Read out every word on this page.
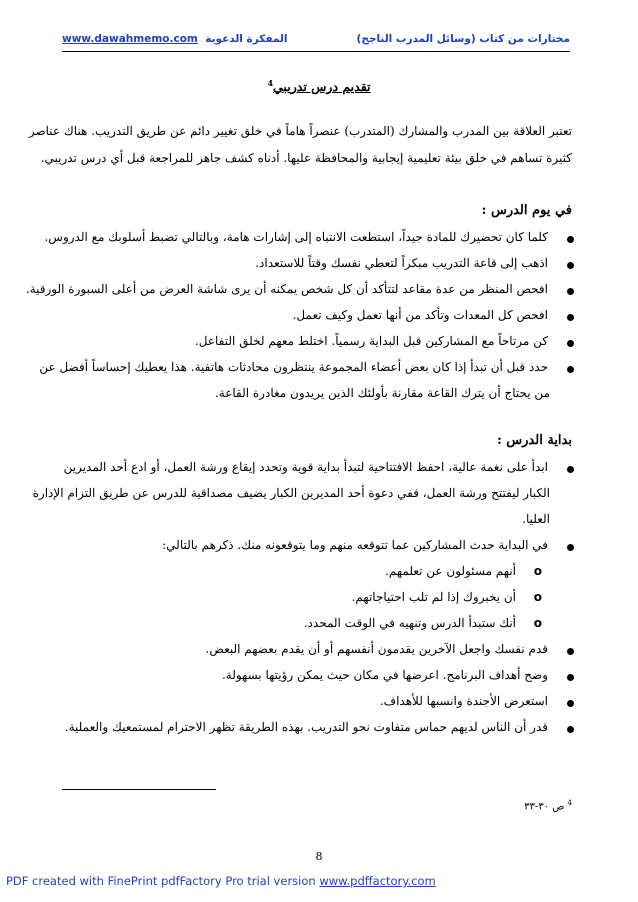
www.dawahmemo.com المفكرة الدعوية	مختارات من كتاب (وسائل المدرب الناجح)
تقديم درس تدريبي$^4$
تعتبر العلاقة بين المدرب والمشارك (المتدرب) عنصراً هاماً في خلق تغيير دائم عن طريق التدريب. هناك عناصر
كثيرة تساهم في خلق بيئة تعليمية إيجابية والمحافظة عليها. أدناه كشف جاهز للمراجعة قبل أي درس تدريبي.
في يوم الدرس :
كلما كان تحضيرك للمادة جيداً، استطعت الانتباه إلى إشارات هامة، وبالتالي تضبط أسلوبك مع الدروس.
اذهب إلى قاعة التدريب مبكراً لتعطي نفسك وقتاً للاستعداد.
افحص المنظر من عدة مقاعد لتتأكد أن كل شخص يمكنه أن يرى شاشة العرض من أعلى السبورة الورقية.
افحص كل المعدات وتأكد من أنها تعمل وكيف تعمل.
كن مرتاحاً مع المشاركين قبل البداية رسمياً. اختلط معهم لخلق التفاعل.
حدد قبل أن تبدأ إذا كان بعض أعضاء المجموعة ينتظرون محادثات هاتفية. هذا يعطيك إحساساً أفضل عن
من يحتاج أن يترك القاعة مقارنة بأولئك الذين يريدون مغادرة القاعة.
بداية الدرس :
ابدأ على نغمة عالية، احفظ الافتتاحية لتبدأ بداية قوية وتحدد إيقاع ورشة العمل، أو ادع أحد المديرين
الكبار ليفتتح ورشة العمل، ففي دعوة أحد المديرين الكبار يضيف مصداقية للدرس عن طريق التزام الإدارة
العليا.
في البداية حدث المشاركين عما تتوقعه منهم وما يتوقعونه منك. ذكرهم بالتالي:
o
أنهم مسئولون عن تعلمهم.
o
أن يخبروك إذا لم تلب احتياجاتهم.
o
أنك ستبدأ الدرس وتنهيه في الوقت المحدد.
قدم نفسك واجعل الآخرين يقدمون أنفسهم أو أن يقدم بعضهم البعض.
وضح أهداف البرنامج. اعرضها في مكان حيث يمكن رؤيتها بسهولة.
استعرض الأجندة وانسبها للأهداف.
قدر أن الناس لديهم حماس متفاوت نحو التدريب. بهذه الطريقة تظهر الاحترام لمستمعيك والعملية.
$^4$ ص ٣٠-٣٣
8
PDF created with FinePrint pdfFactory Pro trial version www.pdffactory.com
